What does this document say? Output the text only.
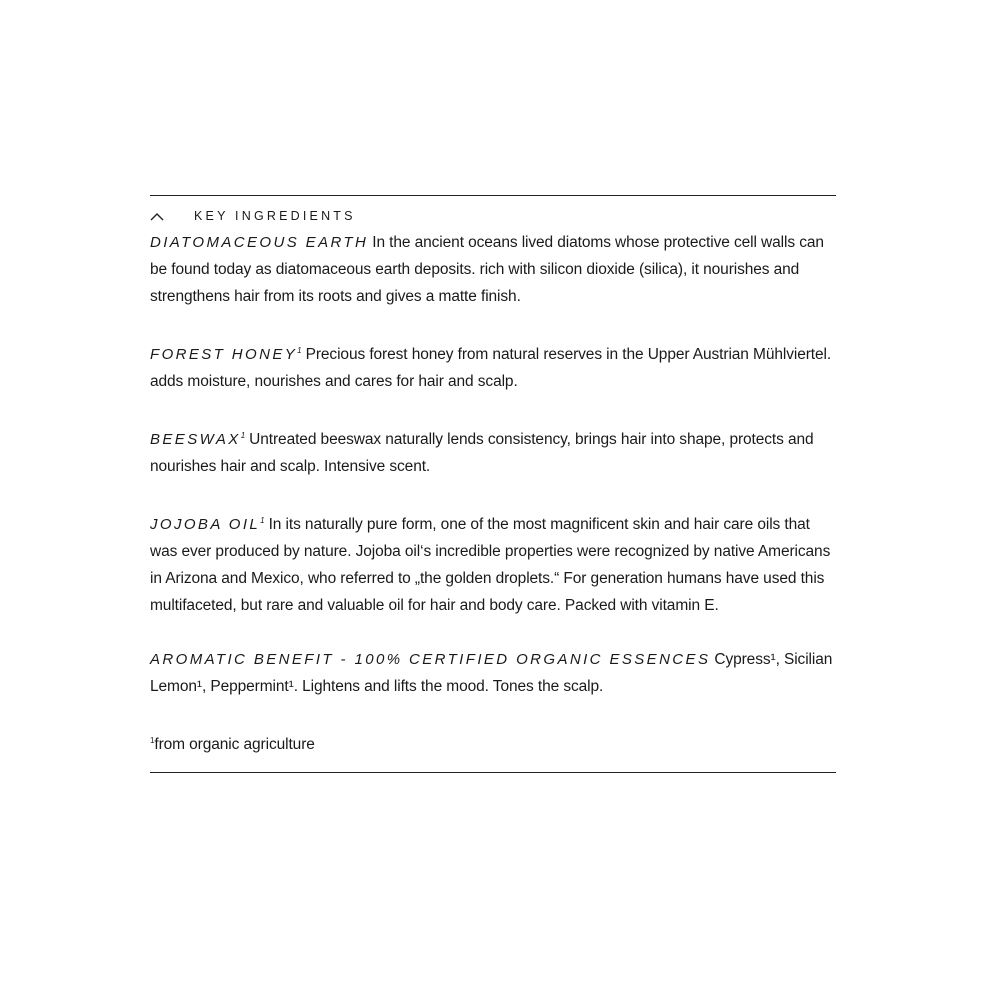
KEY INGREDIENTS

DIATOMACEOUS EARTH In the ancient oceans lived diatoms whose protective cell walls can be found today as diatomaceous earth deposits. rich with silicon dioxide (silica), it nourishes and strengthens hair from its roots and gives a matte finish.

FOREST HONEY$^1$ Precious forest honey from natural reserves in the Upper Austrian Mühlviertel. adds moisture, nourishes and cares for hair and scalp.

BEESWAX$^1$ Untreated beeswax naturally lends consistency, brings hair into shape, protects and nourishes hair and scalp. Intensive scent.

JOJOBA OIL$^1$ In its naturally pure form, one of the most magnificent skin and hair care oils that was ever produced by nature. Jojoba oil‘s incredible properties were recognized by native Americans in Arizona and Mexico, who referred to „the golden droplets.“ For generation humans have used this multifaceted, but rare and valuable oil for hair and body care. Packed with vitamin E.

AROMATIC BENEFIT - 100% CERTIFIED ORGANIC ESSENCES Cypress¹, Sicilian Lemon¹, Peppermint¹. Lightens and lifts the mood. Tones the scalp.

$^1$from organic agriculture
